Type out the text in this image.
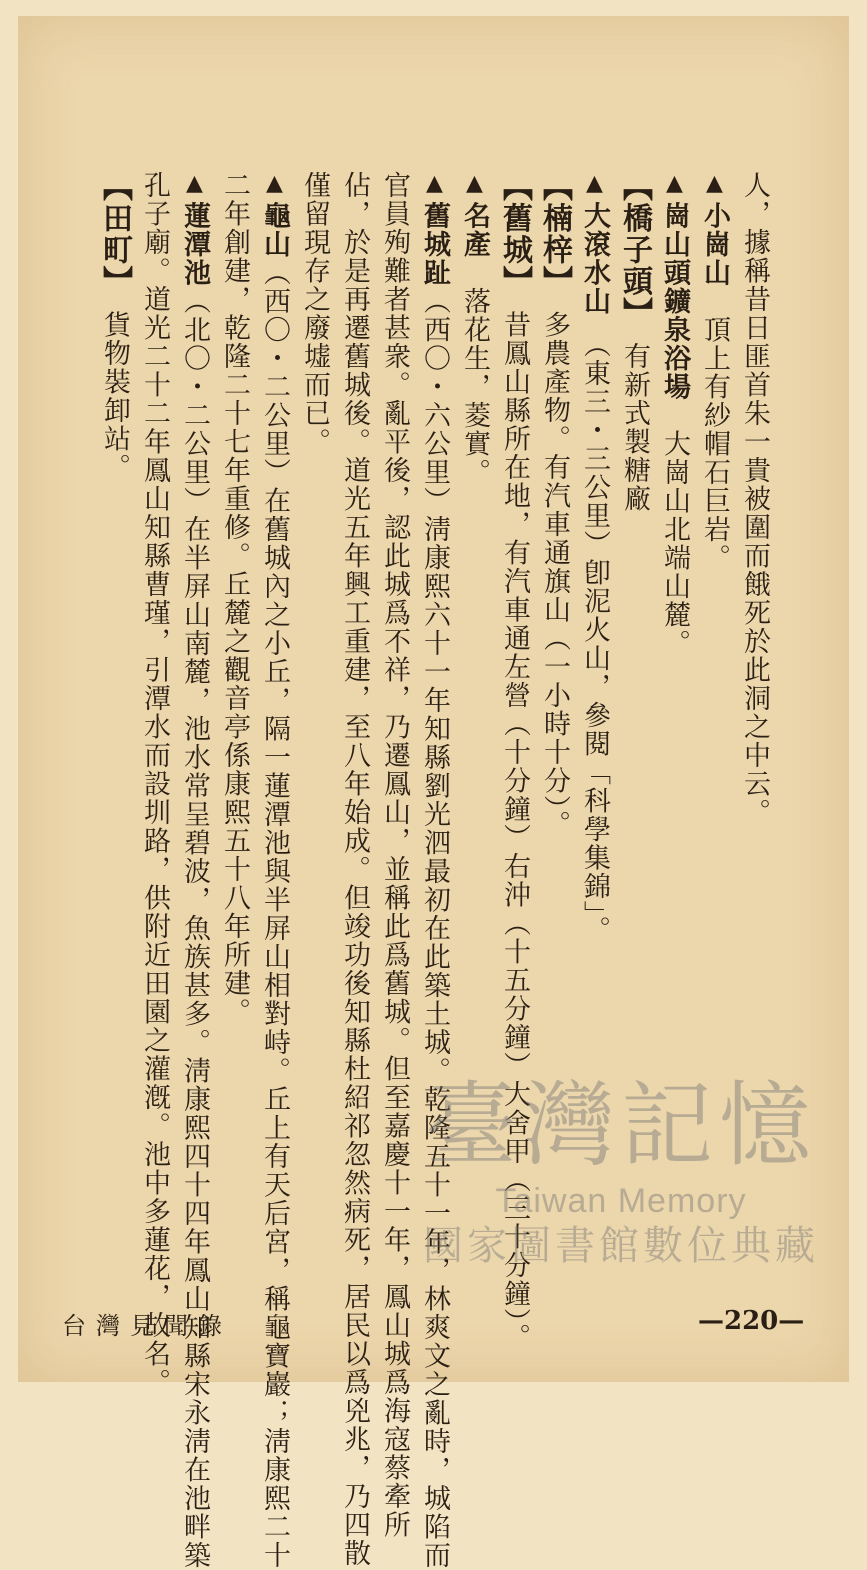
人，據稱昔日匪首朱一貴被圍而餓死於此洞之中云。
▲小崗山　頂上有紗帽石巨岩。
▲崗山頭鑛泉浴場　大崗山北端山麓。
【橋子頭】　有新式製糖廠
▲大滾水山　（東三・三公里）卽泥火山，參閱「科學集錦」。
【楠梓】　多農產物。有汽車通旗山（一小時十分）。
【舊城】　昔鳳山縣所在地，有汽車通左營（十分鐘）右沖（十五分鐘）大舍甲（三十分鐘）。
▲名產　落花生，菱實。
▲舊城趾（西〇・六公里）淸康熙六十一年知縣劉光泗最初在此築土城。乾隆五十一年，林爽文之亂時，城陷而
官員殉難者甚衆。亂平後，認此城爲不祥，乃遷鳳山，並稱此爲舊城。但至嘉慶十一年，鳳山城爲海寇蔡牽所
佔，於是再遷舊城後。道光五年興工重建，至八年始成。但竣功後知縣杜紹祁忽然病死，居民以爲兇兆，乃四散
僅留現存之廢墟而已。
▲龜山（西〇・二公里）在舊城內之小丘，隔一蓮潭池與半屏山相對峙。丘上有天后宮，稱龜寶巖；淸康熙二十
二年創建，乾隆二十七年重修。丘麓之觀音亭係康熙五十八年所建。
▲蓮潭池（北〇・二公里）在半屏山南麓，池水常呈碧波，魚族甚多。淸康熙四十四年鳳山知縣宋永淸在池畔築
孔子廟。道光二十二年鳳山知縣曹瑾，引潭水而設圳路，供附近田園之灌漑。池中多蓮花，故名。
【田町】　貨物裝卸站。
台灣見聞錄	—220—
臺灣記憶
Taiwan Memory
國家圖書館數位典藏
